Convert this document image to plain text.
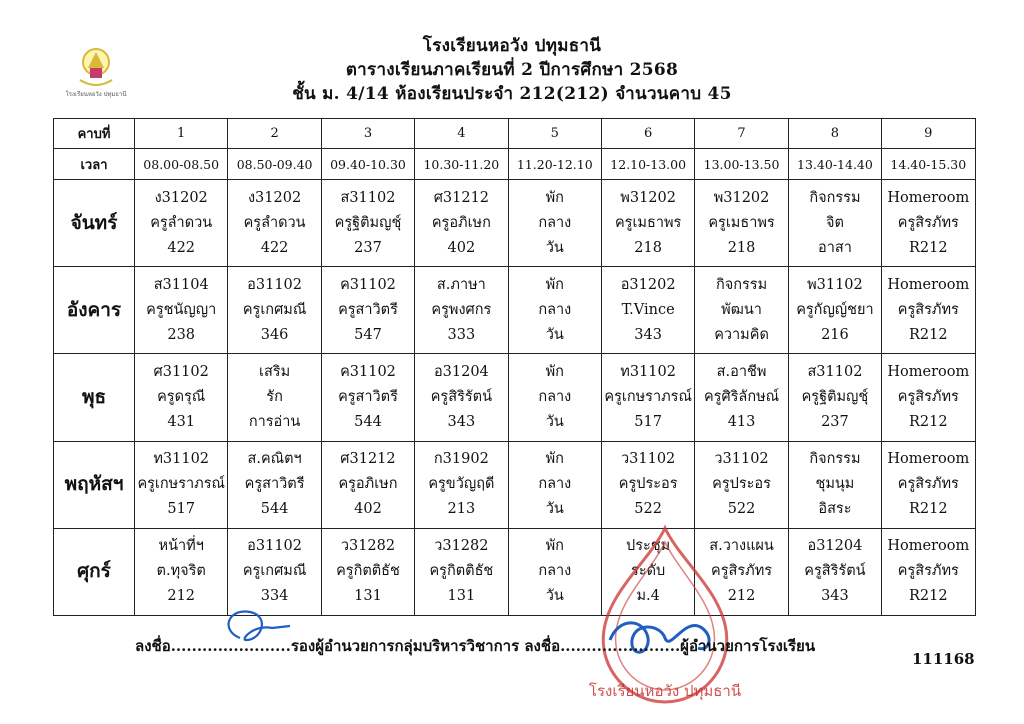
โรงเรียนหอวัง ปทุมธานี
โรงเรียนหอวัง ปทุมธานี
ตารางเรียนภาคเรียนที่ 2 ปีการศึกษา 2568
ชั้น ม. 4/14 ห้องเรียนประจำ 212(212) จำนวนคาบ 45
คาบที่	1	2	3	4	5	6	7	8	9
เวลา	08.00-08.50	08.50-09.40	09.40-10.30	10.30-11.20	11.20-12.10	12.10-13.00	13.00-13.50	13.40-14.40	14.40-15.30
จันทร์	ง31202
ครูลำดวน
422	ง31202
ครูลำดวน
422	ส31102
ครูฐิติมญชุ์
237	ศ31212
ครูอภิเษก
402	พัก
กลาง
วัน	พ31202
ครูเมธาพร
218	พ31202
ครูเมธาพร
218	กิจกรรม
จิต
อาสา	Homeroom
ครูสิรภัทร
R212

อังคาร	ส31104
ครูชนัญญา
238	อ31102
ครูเกศมณี
346	ค31102
ครูสาวิตรี
547	ส.ภาษา
ครูพงศกร
333	พัก
กลาง
วัน	อ31202
T.Vince
343	กิจกรรม
พัฒนา
ความคิด	พ31102
ครูกัญญ์ชยา
216	Homeroom
ครูสิรภัทร
R212

พุธ	ศ31102
ครูดรุณี
431	เสริม
รัก
การอ่าน	ค31102
ครูสาวิตรี
544	อ31204
ครูสิริรัตน์
343	พัก
กลาง
วัน	ท31102
ครูเกษราภรณ์
517	ส.อาชีพ
ครูศิริลักษณ์
413	ส31102
ครูฐิติมญชุ์
237	Homeroom
ครูสิรภัทร
R212

พฤหัสฯ	ท31102
ครูเกษราภรณ์
517	ส.คณิตฯ
ครูสาวิตรี
544	ศ31212
ครูอภิเษก
402	ก31902
ครูขวัญฤดี
213	พัก
กลาง
วัน	ว31102
ครูประอร
522	ว31102
ครูประอร
522	กิจกรรม
ชุมนุม
อิสระ	Homeroom
ครูสิรภัทร
R212

ศุกร์	หน้าที่ฯ
ต.ทุจริต
212	อ31102
ครูเกศมณี
334	ว31282
ครูกิตติธัช
131	ว31282
ครูกิตติธัช
131	พัก
กลาง
วัน	ประชุม
ระดับ
ม.4	ส.วางแผน
ครูสิรภัทร
212	อ31204
ครูสิริรัตน์
343	Homeroom
ครูสิรภัทร
R212
โรงเรียนหอวัง ปทุมธานี
ลงชื่อ.......................รองผู้อำนวยการกลุ่มบริหารวิชาการ ลงชื่อ.......................ผู้อำนวยการโรงเรียน
111168
